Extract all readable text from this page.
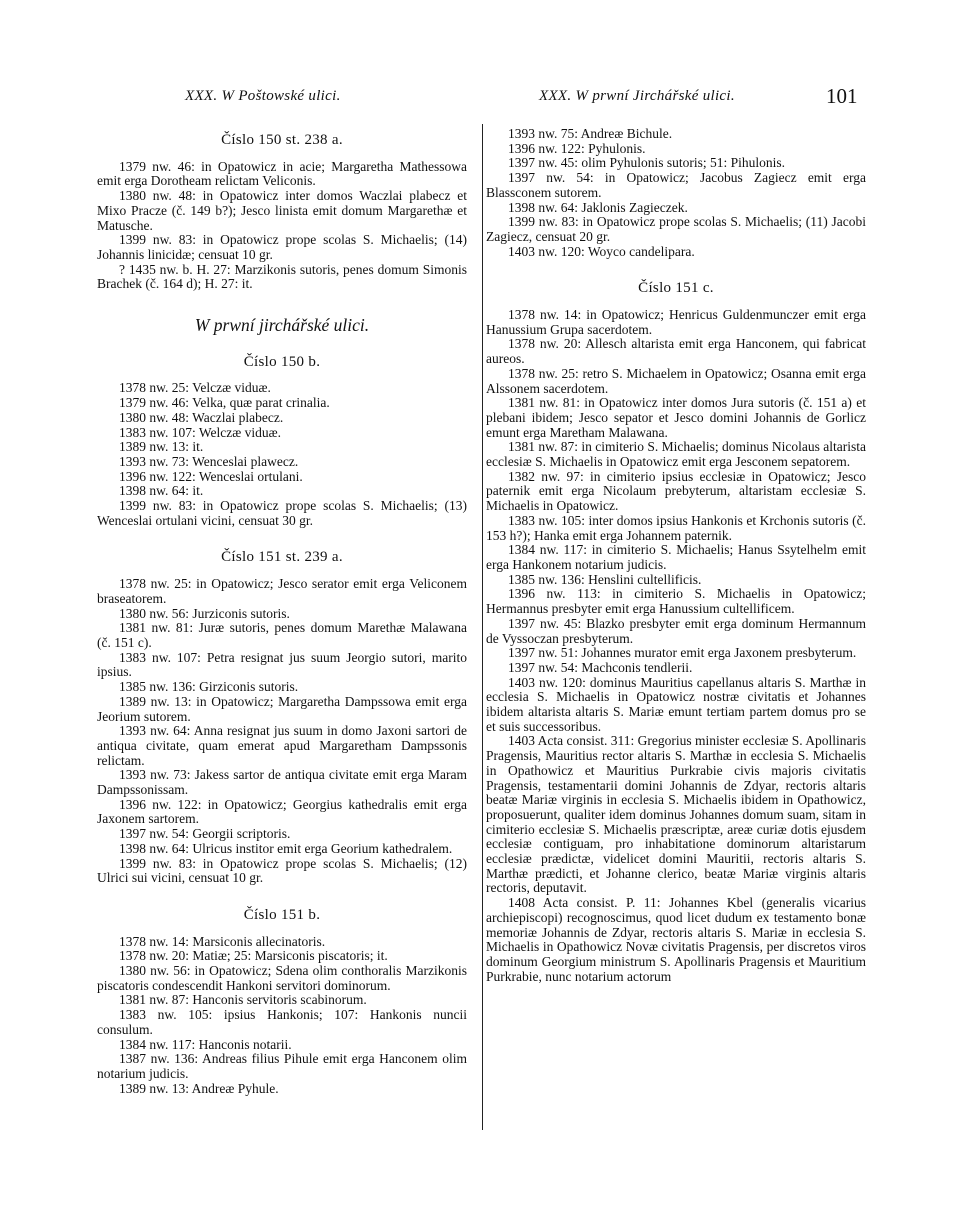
XXX. W Poštowské ulici.	XXX. W prwní Jirchářské ulici.	101
Číslo 150 st. 238 a.

1379 nw. 46: in Opatowicz in acie; Margaretha Mathessowa emit erga Dorotheam relictam Veliconis.

1380 nw. 48: in Opatowicz inter domos Waczlai plabecz et Mixo Pracze (č. 149 b?); Jesco linista emit domum Margarethæ et Matusche.

1399 nw. 83: in Opatowicz prope scolas S. Michaelis; (14) Johannis linicidæ; censuat 10 gr.

? 1435 nw. b. H. 27: Marzikonis sutoris, penes domum Simonis Brachek (č. 164 d); H. 27: it.

W prwní jirchářské ulici.
Číslo 150 b.

1378 nw. 25: Velczæ viduæ.

1379 nw. 46: Velka, quæ parat crinalia.

1380 nw. 48: Waczlai plabecz.

1383 nw. 107: Welczæ viduæ.

1389 nw. 13: it.

1393 nw. 73: Wenceslai plawecz.

1396 nw. 122: Wenceslai ortulani.

1398 nw. 64: it.

1399 nw. 83: in Opatowicz prope scolas S. Michaelis; (13) Wenceslai ortulani vicini, censuat 30 gr.

Číslo 151 st. 239 a.

1378 nw. 25: in Opatowicz; Jesco serator emit erga Veliconem braseatorem.

1380 nw. 56: Jurziconis sutoris.

1381 nw. 81: Juræ sutoris, penes domum Marethæ Malawana (č. 151 c).

1383 nw. 107: Petra resignat jus suum Jeorgio sutori, marito ipsius.

1385 nw. 136: Girziconis sutoris.

1389 nw. 13: in Opatowicz; Margaretha Dampssowa emit erga Jeorium sutorem.

1393 nw. 64: Anna resignat jus suum in domo Jaxoni sartori de antiqua civitate, quam emerat apud Margaretham Dampssonis relictam.

1393 nw. 73: Jakess sartor de antiqua civitate emit erga Maram Dampssonissam.

1396 nw. 122: in Opatowicz; Georgius kathedralis emit erga Jaxonem sartorem.

1397 nw. 54: Georgii scriptoris.

1398 nw. 64: Ulricus institor emit erga Georium kathedralem.

1399 nw. 83: in Opatowicz prope scolas S. Michaelis; (12) Ulrici sui vicini, censuat 10 gr.

Číslo 151 b.

1378 nw. 14: Marsiconis allecinatoris.

1378 nw. 20: Matiæ; 25: Marsiconis piscatoris; it.

1380 nw. 56: in Opatowicz; Sdena olim conthoralis Marzikonis piscatoris condescendit Hankoni servitori dominorum.

1381 nw. 87: Hanconis servitoris scabinorum.

1383 nw. 105: ipsius Hankonis; 107: Hankonis nuncii consulum.

1384 nw. 117: Hanconis notarii.

1387 nw. 136: Andreas filius Pihule emit erga Hanconem olim notarium judicis.

1389 nw. 13: Andreæ Pyhule.

1393 nw. 75: Andreæ Bichule.

1396 nw. 122: Pyhulonis.

1397 nw. 45: olim Pyhulonis sutoris; 51: Pihulonis.

1397 nw. 54: in Opatowicz; Jacobus Zagiecz emit erga Blassconem sutorem.

1398 nw. 64: Jaklonis Zagieczek.

1399 nw. 83: in Opatowicz prope scolas S. Michaelis; (11) Jacobi Zagiecz, censuat 20 gr.

1403 nw. 120: Woyco candelipara.

Číslo 151 c.

1378 nw. 14: in Opatowicz; Henricus Guldenmunczer emit erga Hanussium Grupa sacerdotem.

1378 nw. 20: Allesch altarista emit erga Hanconem, qui fabricat aureos.

1378 nw. 25: retro S. Michaelem in Opatowicz; Osanna emit erga Alssonem sacerdotem.

1381 nw. 81: in Opatowicz inter domos Jura sutoris (č. 151 a) et plebani ibidem; Jesco sepator et Jesco domini Johannis de Gorlicz emunt erga Maretham Malawana.

1381 nw. 87: in cimiterio S. Michaelis; dominus Nicolaus altarista ecclesiæ S. Michaelis in Opatowicz emit erga Jesconem sepatorem.

1382 nw. 97: in cimiterio ipsius ecclesiæ in Opatowicz; Jesco paternik emit erga Nicolaum prebyterum, altaristam ecclesiæ S. Michaelis in Opatowicz.

1383 nw. 105: inter domos ipsius Hankonis et Krchonis sutoris (č. 153 h?); Hanka emit erga Johannem paternik.

1384 nw. 117: in cimiterio S. Michaelis; Hanus Ssytelhelm emit erga Hankonem notarium judicis.

1385 nw. 136: Henslini cultellificis.

1396 nw. 113: in cimiterio S. Michaelis in Opatowicz; Hermannus presbyter emit erga Hanussium cultellificem.

1397 nw. 45: Blazko presbyter emit erga dominum Hermannum de Vyssoczan presbyterum.

1397 nw. 51: Johannes murator emit erga Jaxonem presbyterum.

1397 nw. 54: Machconis tendlerii.

1403 nw. 120: dominus Mauritius capellanus altaris S. Marthæ in ecclesia S. Michaelis in Opatowicz nostræ civitatis et Johannes ibidem altarista altaris S. Mariæ emunt tertiam partem domus pro se et suis successoribus.

1403 Acta consist. 311: Gregorius minister ecclesiæ S. Apollinaris Pragensis, Mauritius rector altaris S. Marthæ in ecclesia S. Michaelis in Opathowicz et Mauritius Purkrabie civis majoris civitatis Pragensis, testamentarii domini Johannis de Zdyar, rectoris altaris beatæ Mariæ virginis in ecclesia S. Michaelis ibidem in Opathowicz, proposuerunt, qualiter idem dominus Johannes domum suam, sitam in cimiterio ecclesiæ S. Michaelis præscriptæ, areæ curiæ dotis ejusdem ecclesiæ contiguam, pro inhabitatione dominorum altaristarum ecclesiæ prædictæ, videlicet domini Mauritii, rectoris altaris S. Marthæ prædicti, et Johanne clerico, beatæ Mariæ virginis altaris rectoris, deputavit.

1408 Acta consist. P. 11: Johannes Kbel (generalis vicarius archiepiscopi) recognoscimus, quod licet dudum ex testamento bonæ memoriæ Johannis de Zdyar, rectoris altaris S. Mariæ in ecclesia S. Michaelis in Opathowicz Novæ civitatis Pragensis, per discretos viros dominum Georgium ministrum S. Apollinaris Pragensis et Mauritium Purkrabie, nunc notarium actorum
